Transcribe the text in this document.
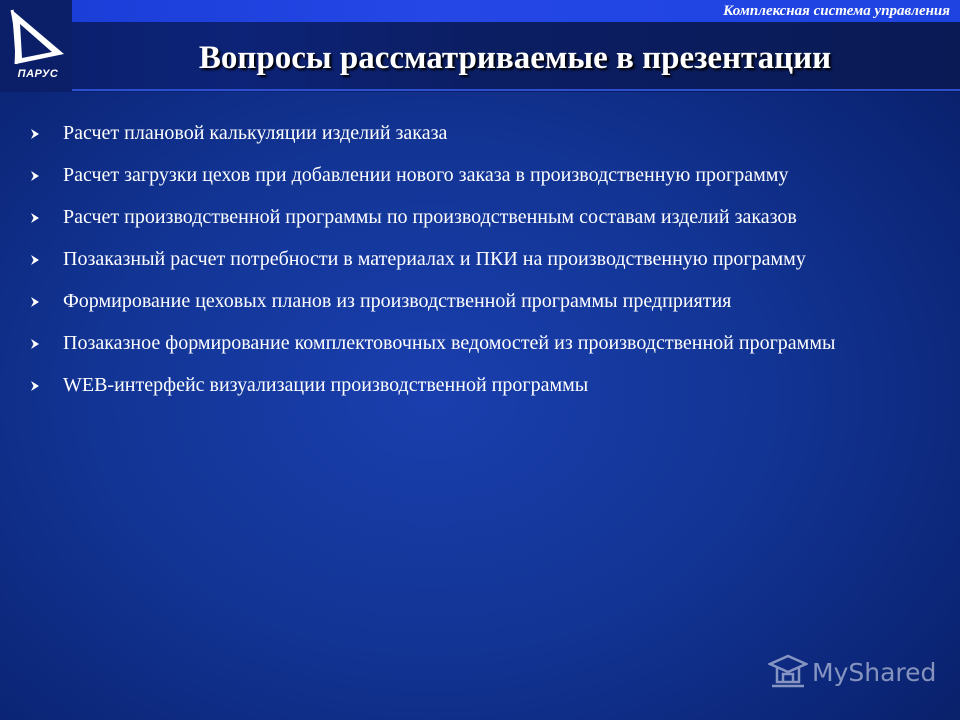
Комплексная система управления
ПАРУС	Вопросы рассматриваемые в презентации
Расчет плановой калькуляции изделий заказа
Расчет загрузки цехов при добавлении нового заказа в производственную программу
Расчет производственной программы по производственным составам изделий заказов
Позаказный расчет потребности в материалах и ПКИ на производственную программу
Формирование цеховых планов из производственной программы предприятия
Позаказное формирование комплектовочных ведомостей из производственной программы
WEB-интерфейс визуализации производственной программы
MyShared
